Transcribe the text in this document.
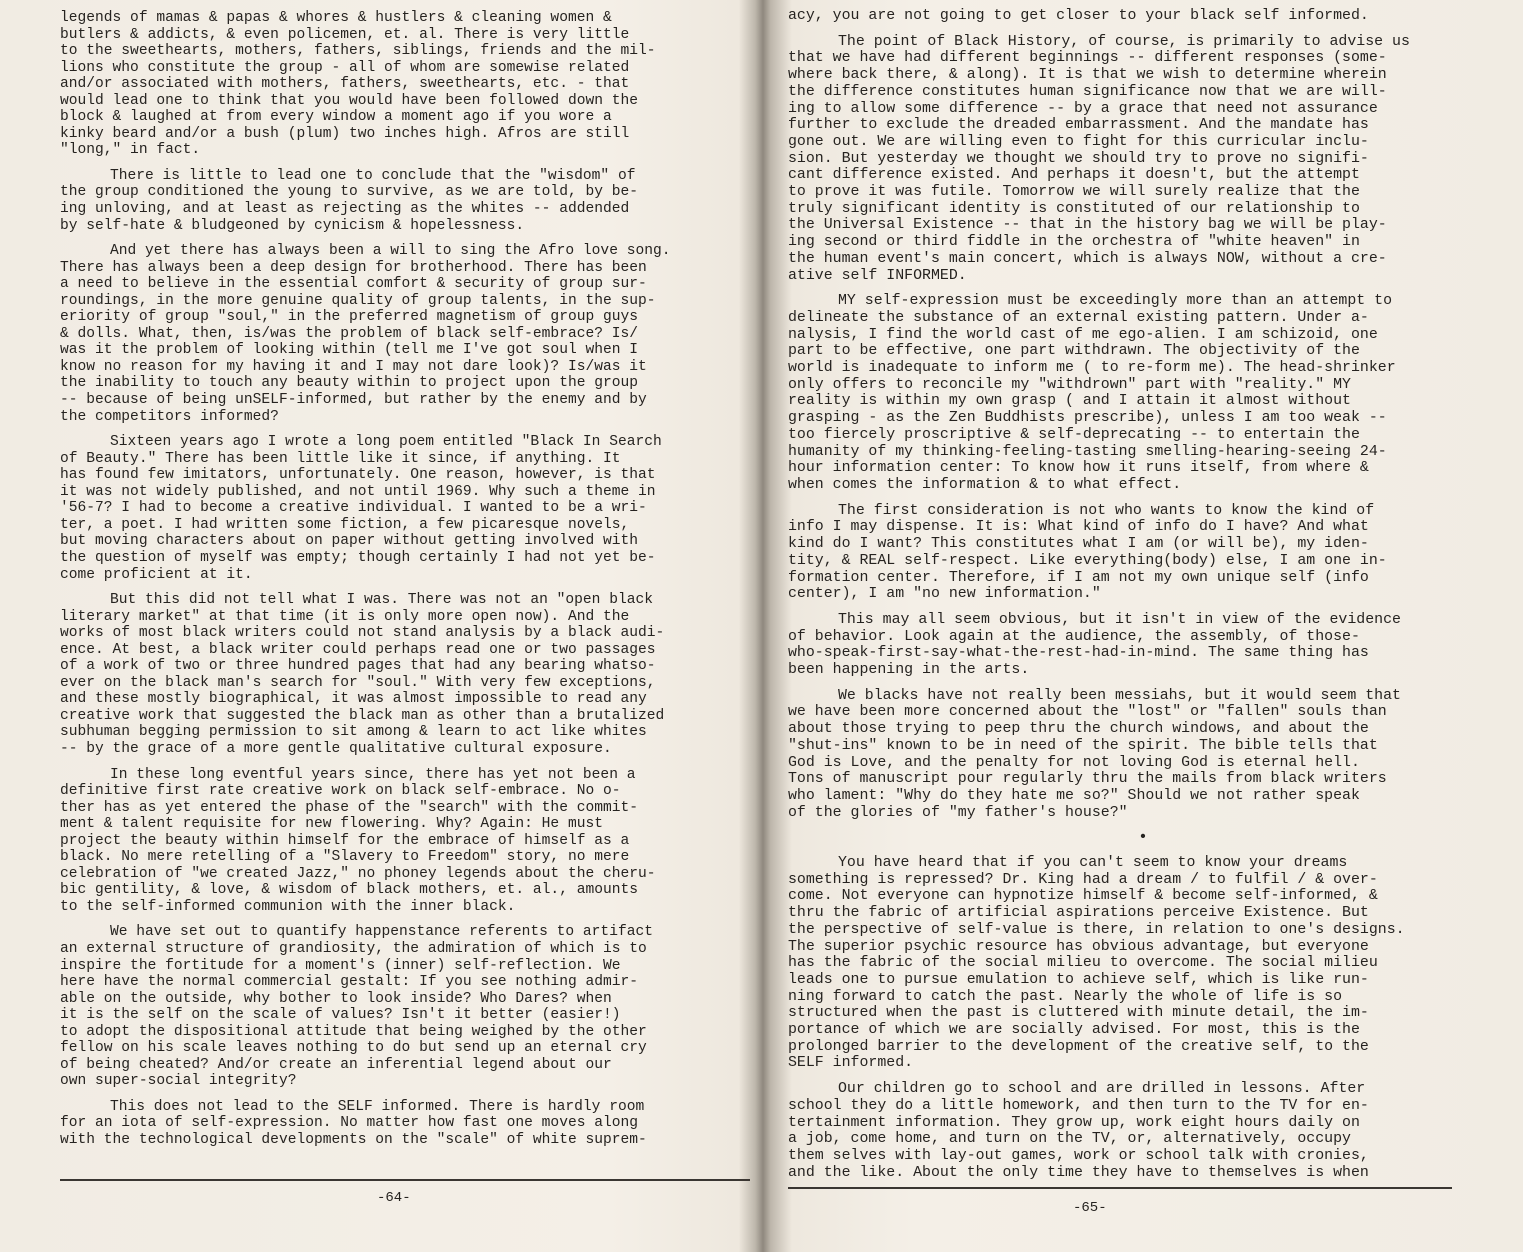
legends of mamas & papas & whores & hustlers & cleaning women &
butlers & addicts, & even policemen, et. al. There is very little
to the sweethearts, mothers, fathers, siblings, friends and the mil-
lions who constitute the group - all of whom are somewise related
and/or associated with mothers, fathers, sweethearts, etc. - that
would lead one to think that you would have been followed down the
block & laughed at from every window a moment ago if you wore a
kinky beard and/or a bush (plum) two inches high. Afros are still
"long," in fact.

There is little to lead one to conclude that the "wisdom" of
the group conditioned the young to survive, as we are told, by be-
ing unloving, and at least as rejecting as the whites -- addended
by self-hate & bludgeoned by cynicism & hopelessness.

And yet there has always been a will to sing the Afro love song.
There has always been a deep design for brotherhood. There has been
a need to believe in the essential comfort & security of group sur-
roundings, in the more genuine quality of group talents, in the sup-
eriority of group "soul," in the preferred magnetism of group guys
& dolls. What, then, is/was the problem of black self-embrace? Is/
was it the problem of looking within (tell me I've got soul when I
know no reason for my having it and I may not dare look)? Is/was it
the inability to touch any beauty within to project upon the group
-- because of being unSELF-informed, but rather by the enemy and by
the competitors informed?

Sixteen years ago I wrote a long poem entitled "Black In Search
of Beauty." There has been little like it since, if anything. It
has found few imitators, unfortunately. One reason, however, is that
it was not widely published, and not until 1969. Why such a theme in
'56-7? I had to become a creative individual. I wanted to be a wri-
ter, a poet. I had written some fiction, a few picaresque novels,
but moving characters about on paper without getting involved with
the question of myself was empty; though certainly I had not yet be-
come proficient at it.

But this did not tell what I was. There was not an "open black
literary market" at that time (it is only more open now). And the
works of most black writers could not stand analysis by a black audi-
ence. At best, a black writer could perhaps read one or two passages
of a work of two or three hundred pages that had any bearing whatso-
ever on the black man's search for "soul." With very few exceptions,
and these mostly biographical, it was almost impossible to read any
creative work that suggested the black man as other than a brutalized
subhuman begging permission to sit among & learn to act like whites
-- by the grace of a more gentle qualitative cultural exposure.

In these long eventful years since, there has yet not been a
definitive first rate creative work on black self-embrace. No o-
ther has as yet entered the phase of the "search" with the commit-
ment & talent requisite for new flowering. Why? Again: He must
project the beauty within himself for the embrace of himself as a
black. No mere retelling of a "Slavery to Freedom" story, no mere
celebration of "we created Jazz," no phoney legends about the cheru-
bic gentility, & love, & wisdom of black mothers, et. al., amounts
to the self-informed communion with the inner black.

We have set out to quantify happenstance referents to artifact
an external structure of grandiosity, the admiration of which is to
inspire the fortitude for a moment's (inner) self-reflection. We
here have the normal commercial gestalt: If you see nothing admir-
able on the outside, why bother to look inside? Who Dares? when
it is the self on the scale of values? Isn't it better (easier!)
to adopt the dispositional attitude that being weighed by the other
fellow on his scale leaves nothing to do but send up an eternal cry
of being cheated? And/or create an inferential legend about our
own super-social integrity?

This does not lead to the SELF informed. There is hardly room
for an iota of self-expression. No matter how fast one moves along
with the technological developments on the "scale" of white suprem-

-64-

acy, you are not going to get closer to your black self informed.

The point of Black History, of course, is primarily to advise us
that we have had different beginnings -- different responses (some-
where back there, & along). It is that we wish to determine wherein
the difference constitutes human significance now that we are will-
ing to allow some difference -- by a grace that need not assurance
further to exclude the dreaded embarrassment. And the mandate has
gone out. We are willing even to fight for this curricular inclu-
sion. But yesterday we thought we should try to prove no signifi-
cant difference existed. And perhaps it doesn't, but the attempt
to prove it was futile. Tomorrow we will surely realize that the
truly significant identity is constituted of our relationship to
the Universal Existence -- that in the history bag we will be play-
ing second or third fiddle in the orchestra of "white heaven" in
the human event's main concert, which is always NOW, without a cre-
ative self INFORMED.

MY self-expression must be exceedingly more than an attempt to
delineate the substance of an external existing pattern. Under a-
nalysis, I find the world cast of me ego-alien. I am schizoid, one
part to be effective, one part withdrawn. The objectivity of the
world is inadequate to inform me ( to re-form me). The head-shrinker
only offers to reconcile my "withdrown" part with "reality." MY
reality is within my own grasp ( and I attain it almost without
grasping - as the Zen Buddhists prescribe), unless I am too weak --
too fiercely proscriptive & self-deprecating -- to entertain the
humanity of my thinking-feeling-tasting smelling-hearing-seeing 24-
hour information center: To know how it runs itself, from where &
when comes the information & to what effect.

The first consideration is not who wants to know the kind of
info I may dispense. It is: What kind of info do I have? And what
kind do I want? This constitutes what I am (or will be), my iden-
tity, & REAL self-respect. Like everything(body) else, I am one in-
formation center. Therefore, if I am not my own unique self (info
center), I am "no new information."

This may all seem obvious, but it isn't in view of the evidence
of behavior. Look again at the audience, the assembly, of those-
who-speak-first-say-what-the-rest-had-in-mind. The same thing has
been happening in the arts.

We blacks have not really been messiahs, but it would seem that
we have been more concerned about the "lost" or "fallen" souls than
about those trying to peep thru the church windows, and about the
"shut-ins" known to be in need of the spirit. The bible tells that
God is Love, and the penalty for not loving God is eternal hell.
Tons of manuscript pour regularly thru the mails from black writers
who lament: "Why do they hate me so?" Should we not rather speak
of the glories of "my father's house?"

•

You have heard that if you can't seem to know your dreams
something is repressed? Dr. King had a dream / to fulfil / & over-
come. Not everyone can hypnotize himself & become self-informed, &
thru the fabric of artificial aspirations perceive Existence. But
the perspective of self-value is there, in relation to one's designs.
The superior psychic resource has obvious advantage, but everyone
has the fabric of the social milieu to overcome. The social milieu
leads one to pursue emulation to achieve self, which is like run-
ning forward to catch the past. Nearly the whole of life is so
structured when the past is cluttered with minute detail, the im-
portance of which we are socially advised. For most, this is the
prolonged barrier to the development of the creative self, to the
SELF informed.

Our children go to school and are drilled in lessons. After
school they do a little homework, and then turn to the TV for en-
tertainment information. They grow up, work eight hours daily on
a job, come home, and turn on the TV, or, alternatively, occupy
them selves with lay-out games, work or school talk with cronies,
and the like. About the only time they have to themselves is when

-65-
